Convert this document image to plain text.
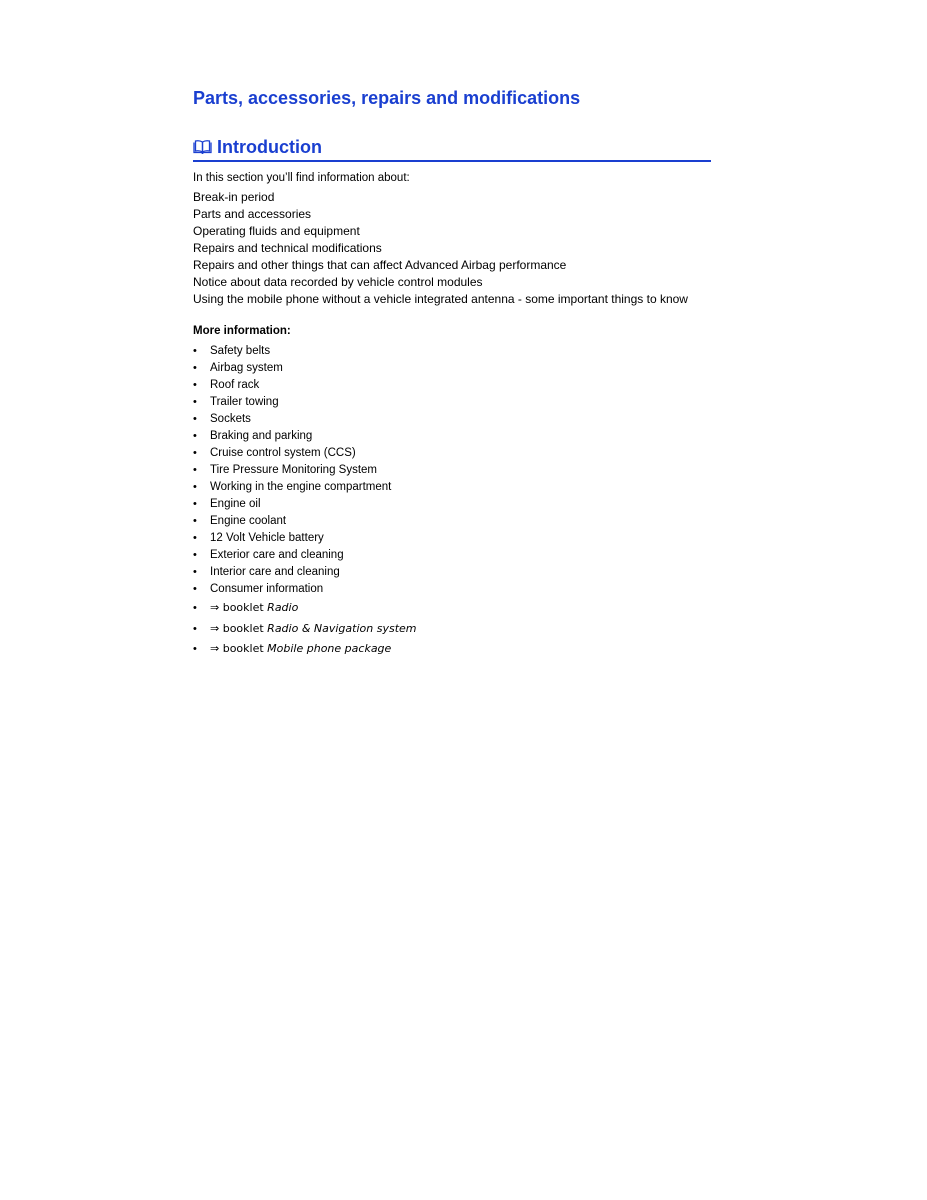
Parts, accessories, repairs and modifications
Introduction
In this section you’ll find information about:
Break-in period
Parts and accessories
Operating fluids and equipment
Repairs and technical modifications
Repairs and other things that can affect Advanced Airbag performance
Notice about data recorded by vehicle control modules
Using the mobile phone without a vehicle integrated antenna - some important things to know
More information:
• Safety belts
• Airbag system
• Roof rack
• Trailer towing
• Sockets
• Braking and parking
• Cruise control system (CCS)
• Tire Pressure Monitoring System
• Working in the engine compartment
• Engine oil
• Engine coolant
• 12 Volt Vehicle battery
• Exterior care and cleaning
• Interior care and cleaning
• Consumer information
• ⇒ booklet Radio
• ⇒ booklet Radio & Navigation system
• ⇒ booklet Mobile phone package
